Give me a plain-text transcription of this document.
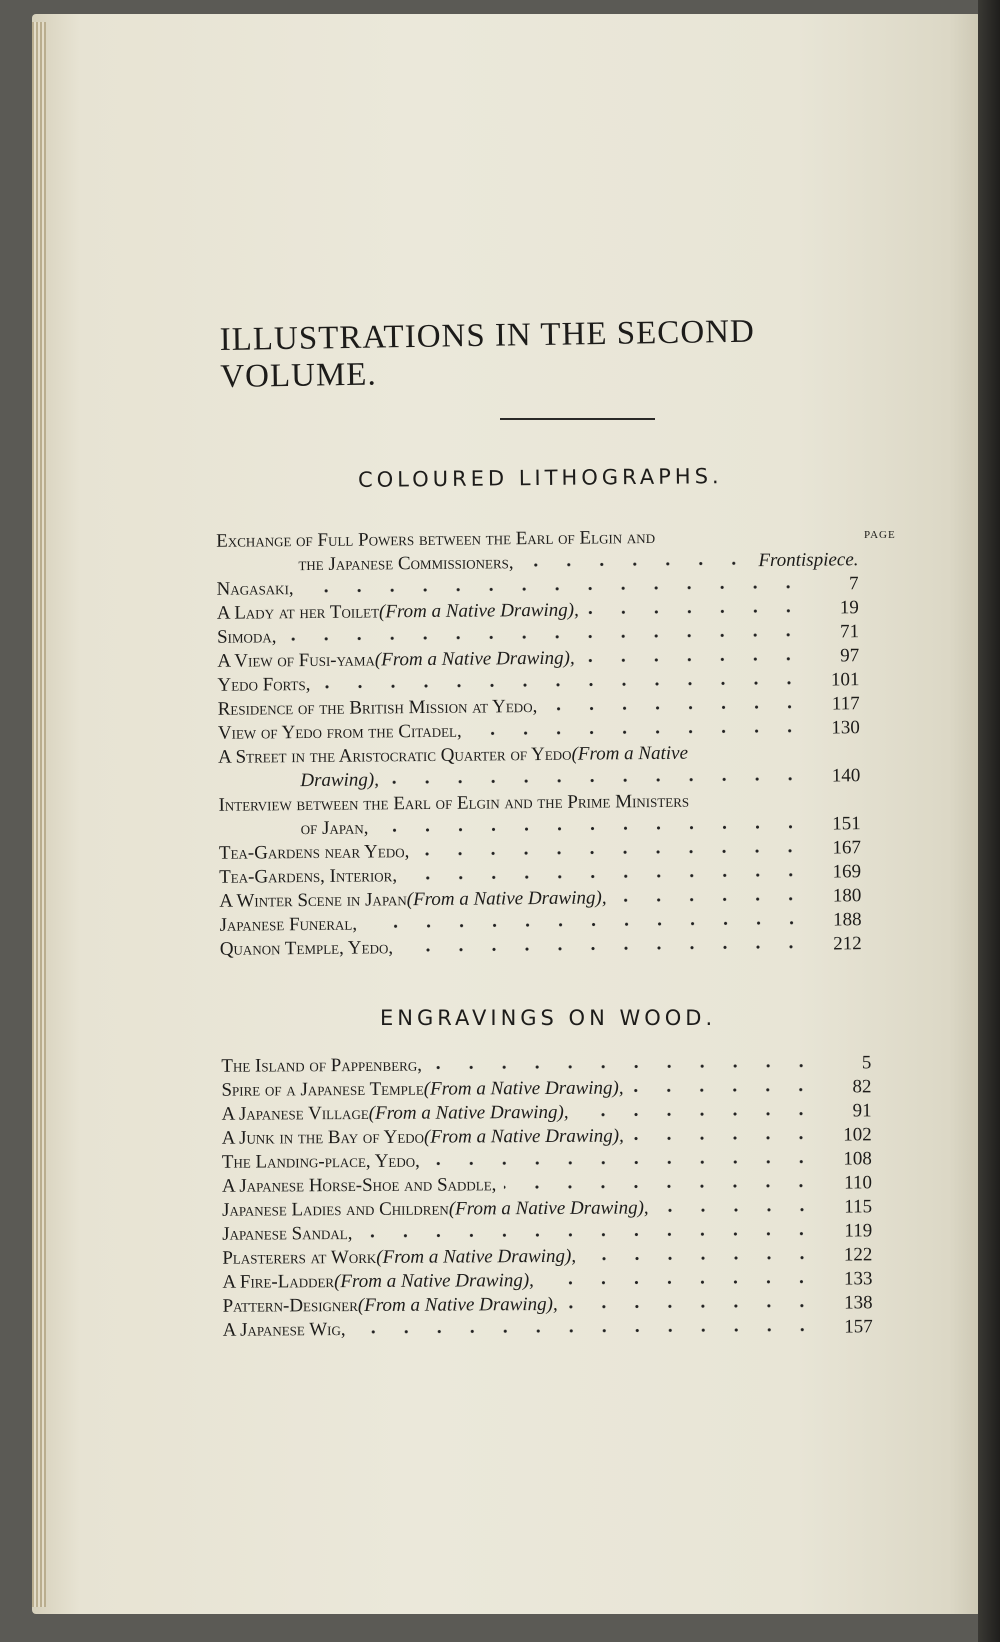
ILLUSTRATIONS IN THE SECOND VOLUME.
COLOURED LITHOGRAPHS.
PAGE
Exchange of Full Powers between the Earl of Elgin and
the Japanese Commissioners,	Frontispiece.
Nagasaki,	7
A Lady at her Toilet (From a Native Drawing),	19
Simoda,	71
A View of Fusi-yama (From a Native Drawing),	97
Yedo Forts,	101
Residence of the British Mission at Yedo,	117
View of Yedo from the Citadel,	130
A Street in the Aristocratic Quarter of Yedo (From a Native
Drawing),	140
Interview between the Earl of Elgin and the Prime Ministers
of Japan,	151
Tea-Gardens near Yedo,	167
Tea-Gardens, Interior,	169
A Winter Scene in Japan (From a Native Drawing),	180
Japanese Funeral,	188
Quanon Temple, Yedo,	212
ENGRAVINGS ON WOOD.
The Island of Pappenberg,	5
Spire of a Japanese Temple (From a Native Drawing),	82
A Japanese Village (From a Native Drawing),	91
A Junk in the Bay of Yedo (From a Native Drawing),	102
The Landing-place, Yedo,	108
A Japanese Horse-Shoe and Saddle,	110
Japanese Ladies and Children (From a Native Drawing),	115
Japanese Sandal,	119
Plasterers at Work (From a Native Drawing),	122
A Fire-Ladder (From a Native Drawing),	133
Pattern-Designer (From a Native Drawing),	138
A Japanese Wig,	157
